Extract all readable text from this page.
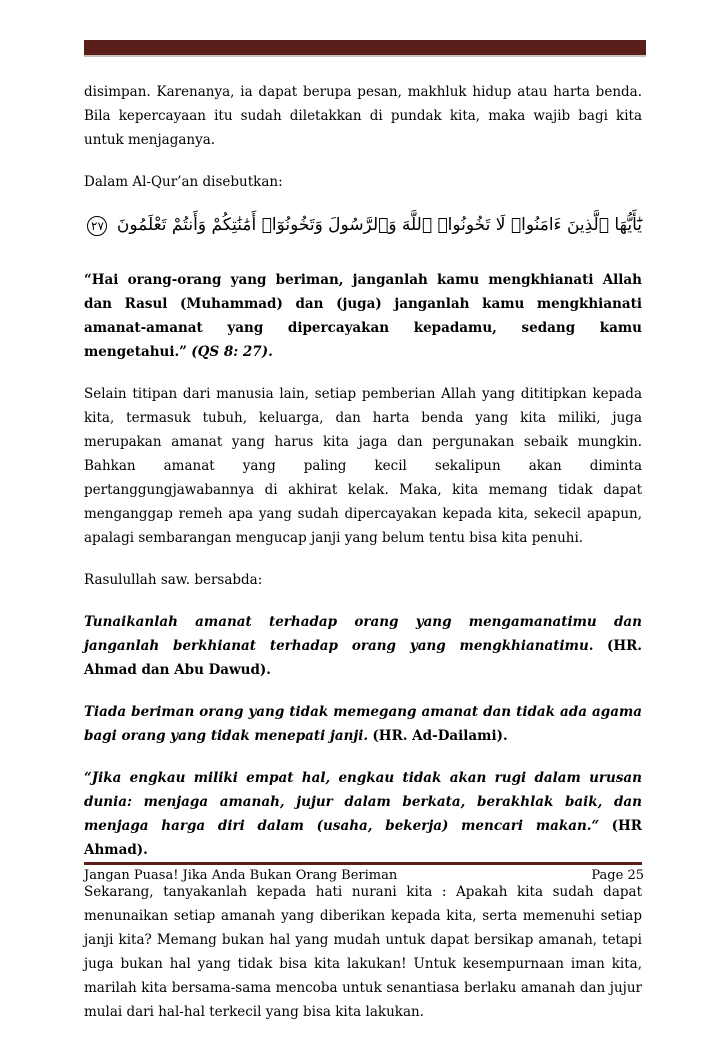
disimpan. Karenanya, ia dapat berupa pesan, makhluk hidup atau harta benda. Bila kepercayaan itu sudah diletakkan di pundak kita, maka wajib bagi kita untuk menjaganya.

Dalam Al-Qur’an disebutkan:

يَٰٓأَيُّهَا ٱلَّذِينَ ءَامَنُوا۟ لَا تَخُونُوا۟ ٱللَّهَ وَٱلرَّسُولَ وَتَخُونُوٓا۟ أَمَٰنَٰتِكُمْ وَأَنتُمْ تَعْلَمُونَ ٢٧

“Hai orang-orang yang beriman, janganlah kamu mengkhianati Allah dan Rasul (Muhammad) dan (juga) janganlah kamu mengkhianati amanat-amanat yang dipercayakan kepadamu, sedang kamu mengetahui.” (QS 8: 27).

Selain titipan dari manusia lain, setiap pemberian Allah yang dititipkan kepada kita, termasuk tubuh, keluarga, dan harta benda yang kita miliki, juga merupakan amanat yang harus kita jaga dan pergunakan sebaik mungkin. Bahkan amanat yang paling kecil sekalipun akan diminta pertanggungjawabannya di akhirat kelak. Maka, kita memang tidak dapat menganggap remeh apa yang sudah dipercayakan kepada kita, sekecil apapun, apalagi sembarangan mengucap janji yang belum tentu bisa kita penuhi.

Rasulullah saw. bersabda:

Tunaikanlah amanat terhadap orang yang mengamanatimu dan janganlah berkhianat terhadap orang yang mengkhianatimu. (HR. Ahmad dan Abu Dawud).

Tiada beriman orang yang tidak memegang amanat dan tidak ada agama bagi orang yang tidak menepati janji. (HR. Ad-Dailami).

“Jika engkau miliki empat hal, engkau tidak akan rugi dalam urusan dunia: menjaga amanah, jujur dalam berkata, berakhlak baik, dan menjaga harga diri dalam (usaha, bekerja) mencari makan.“ (HR Ahmad).

Sekarang, tanyakanlah kepada hati nurani kita : Apakah kita sudah dapat menunaikan setiap amanah yang diberikan kepada kita, serta memenuhi setiap janji kita? Memang bukan hal yang mudah untuk dapat bersikap amanah, tetapi juga bukan hal yang tidak bisa kita lakukan! Untuk kesempurnaan iman kita, marilah kita bersama-sama mencoba untuk senantiasa berlaku amanah dan jujur mulai dari hal-hal terkecil yang bisa kita lakukan.

Jangan Puasa! Jika Anda Bukan Orang Beriman	Page 25
